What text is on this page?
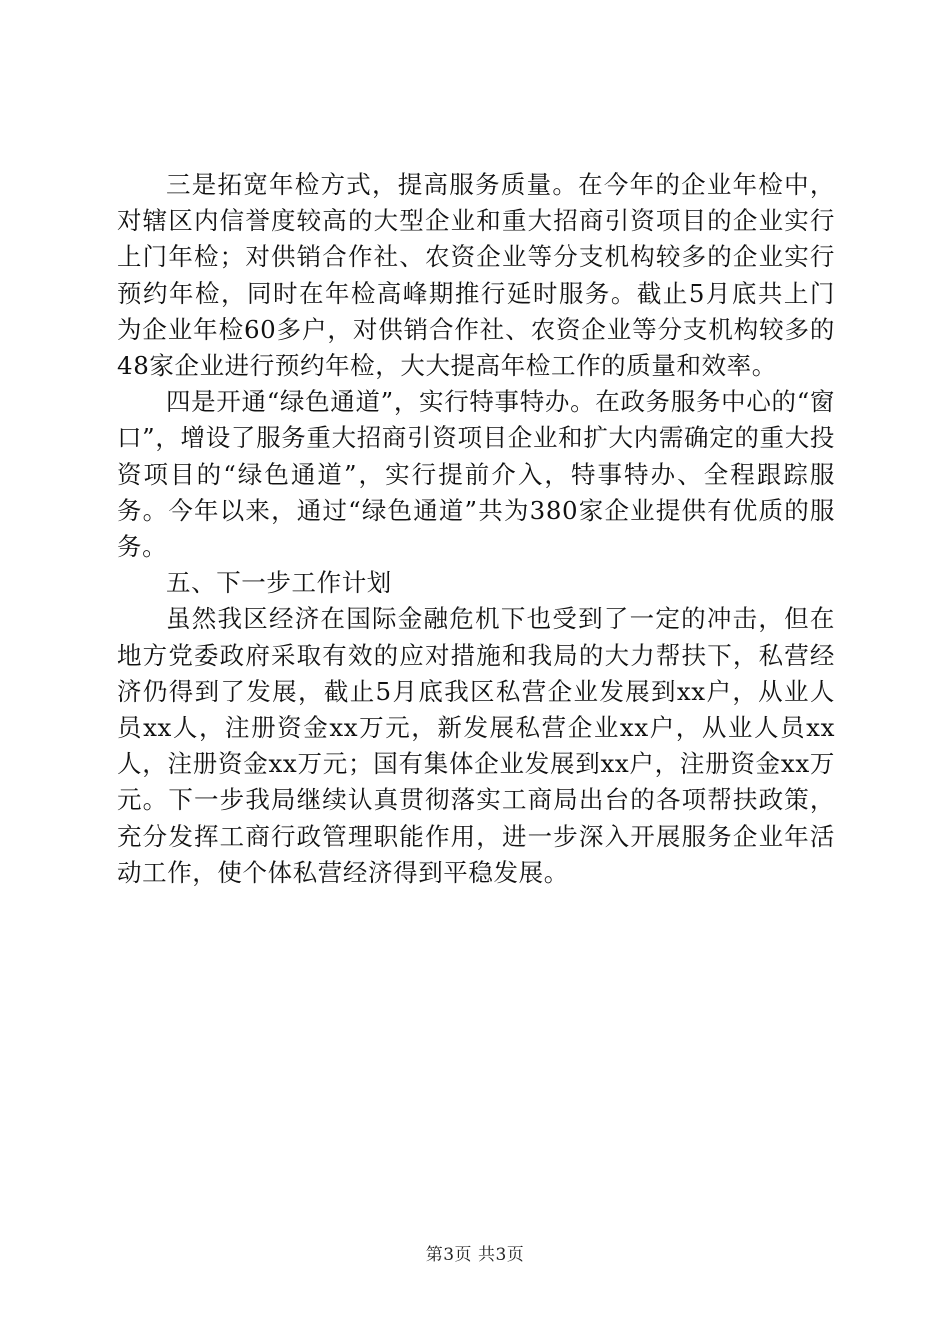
三是拓宽年检方式，提高服务质量。在今年的企业年检中，对辖区内信誉度较高的大型企业和重大招商引资项目的企业实行上门年检；对供销合作社、农资企业等分支机构较多的企业实行预约年检，同时在年检高峰期推行延时服务。截止5月底共上门为企业年检60多户，对供销合作社、农资企业等分支机构较多的48家企业进行预约年检，大大提高年检工作的质量和效率。

四是开通“绿色通道”，实行特事特办。在政务服务中心的“窗口”，增设了服务重大招商引资项目企业和扩大内需确定的重大投资项目的“绿色通道”，实行提前介入，特事特办、全程跟踪服务。今年以来，通过“绿色通道”共为380家企业提供有优质的服务。

五、下一步工作计划

虽然我区经济在国际金融危机下也受到了一定的冲击，但在地方党委政府采取有效的应对措施和我局的大力帮扶下，私营经济仍得到了发展，截止5月底我区私营企业发展到xx户，从业人员xx人，注册资金xx万元，新发展私营企业xx户，从业人员xx人，注册资金xx万元；国有集体企业发展到xx户，注册资金xx万元。下一步我局继续认真贯彻落实工商局出台的各项帮扶政策，充分发挥工商行政管理职能作用，进一步深入开展服务企业年活动工作，使个体私营经济得到平稳发展。

第3页 共3页
